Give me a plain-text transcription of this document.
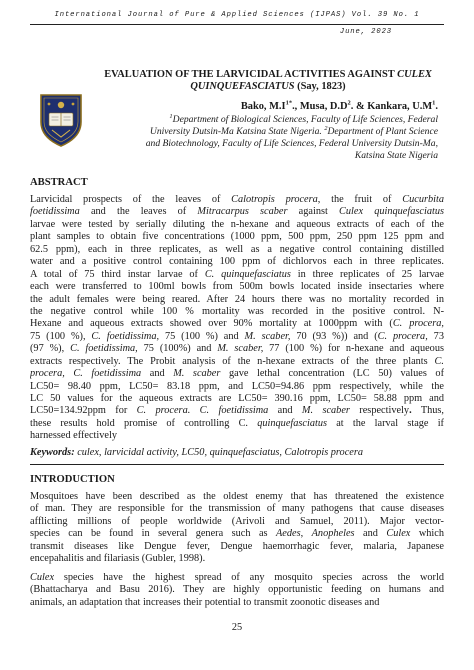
International Journal of Pure & Applied Sciences (IJPAS) Vol. 39 No. 1
June, 2023
EVALUATION OF THE LARVICIDAL ACTIVITIES AGAINST CULEX
QUINQUEFASCIATUS (Say, 1823)
Bako, $M.I^{1*}$., Musa, $D.D^2$. & Kankara, $U.M^1$.
$^1$Department of Biological Sciences, Faculty of Life Sciences, Federal
University Dutsin-Ma Katsina State Nigeria. $^2$Department of Plant Science
and Biotechnology, Faculty of Life Sciences, Federal University Dutsin-Ma,
Katsina State Nigeria
ABSTRACT
Larvicidal prospects of the leaves of Calotropis procera, the fruit of Cucurbita
foetidissima and the leaves of Mitracarpus scaber against Culex quinquefasciatus
larvae were tested by serially diluting the n-hexane and aqueous extracts of each of the
plant samples to obtain five concentrations (1000 ppm, 500 ppm, 250 ppm 125 ppm and
62.5 ppm), each in three replicates, as well as a negative control containing distilled
water and a positive control containing 100 ppm of dichlorvos each in three replicates.
A total of 75 third instar larvae of C. quinquefasciatus in three replicates of 25 larvae
each were transferred to 100ml bowls from 500m bowls located inside insectaries where
the adult females were being reared. After 24 hours there was no mortality recorded in
the negative control while 100 % mortality was recorded in the positive control. N-
Hexane and aqueous extracts showed over 90% mortality at 1000ppm with (C. procera,
75 (100 %), C. foetidissima, 75 (100 %) and M. scaber, 70 (93 %)) and (C. procera, 73
(97 %), C. foetidissima, 75 (100%) and M. scaber, 77 (100 %) for n-hexane and aqueous
extracts respectively. The Probit analysis of the n-hexane extracts of the three plants C.
procera, C. foetidissima and M. scaber gave lethal concentration (LC 50) values of
LC50= 98.40 ppm, LC50= 83.18 ppm, and LC50=94.86 ppm respectively, while the
LC 50 values for the aqueous extracts are LC50= 390.16 ppm, LC50= 58.88 ppm and
LC50=134.92ppm for C. procera. C. foetidissima and M. scaber respectively. Thus,
these results hold promise of controlling C. quinquefasciatus at the larval stage if
harnessed effectively
Keywords: culex, larvicidal activity, LC50, quinquefasciatus, Calotropis procera
INTRODUCTION
Mosquitoes have been described as the oldest enemy that has threatened the existence
of man. They are responsible for the transmission of many pathogens that cause diseases
afflicting millions of people worldwide (Arivoli and Samuel, 2011). Major vector-
species can be found in several genera such as Aedes, Anopheles and Culex which
transmit diseases like Dengue fever, Dengue haemorrhagic fever, malaria, Japanese
encepahalitis and filariasis (Gubler, 1998).
Culex species have the highest spread of any mosquito species across the world
(Bhattacharya and Basu 2016). They are highly opportunistic feeding on humans and
animals, an adaptation that increases their potential to transmit zoonotic diseases and
25
